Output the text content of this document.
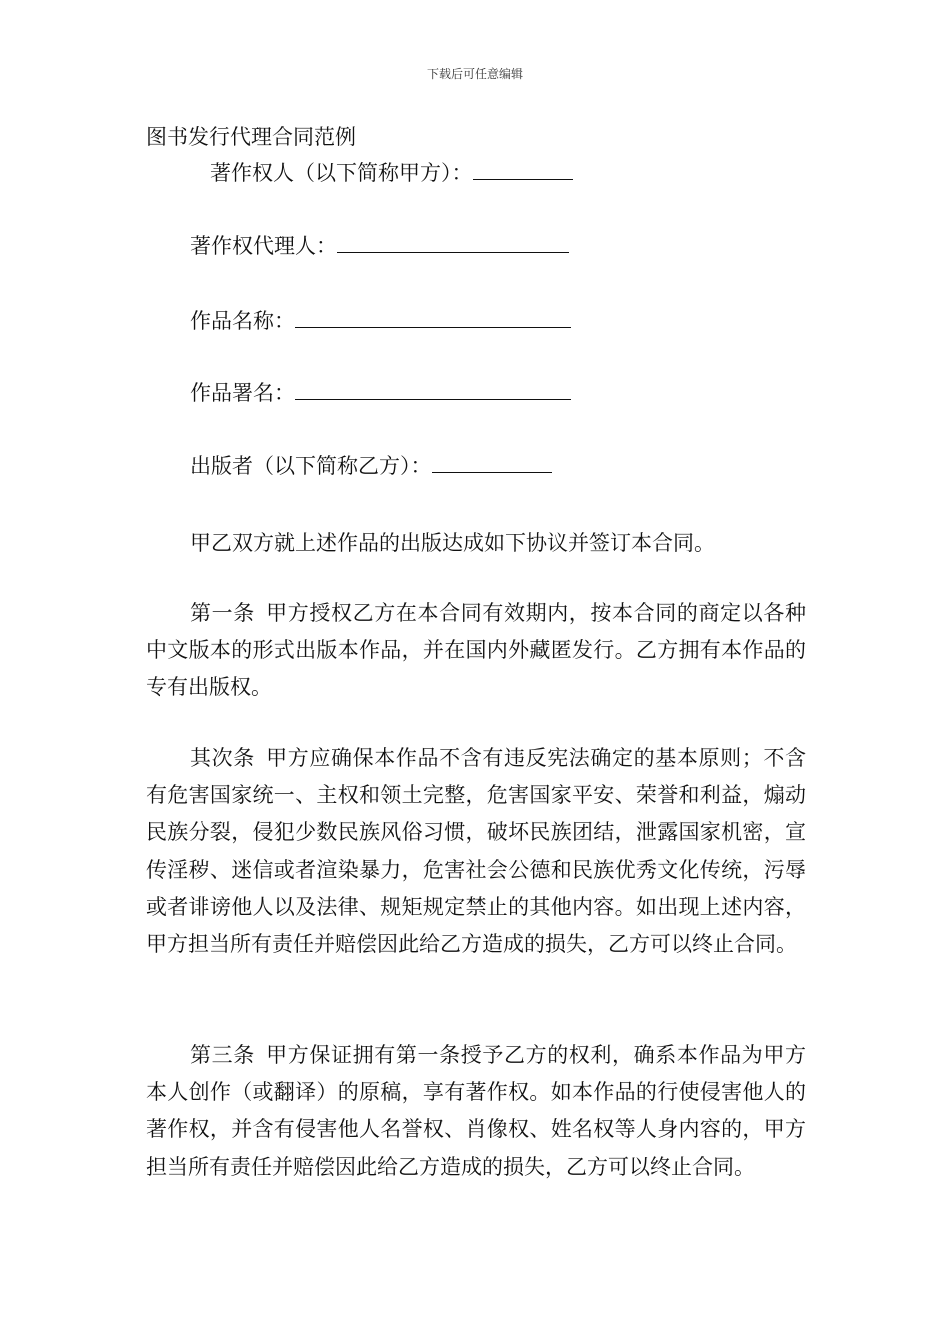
下载后可任意编辑
图书发行代理合同范例
著作权人（以下简称甲方）：
著作权代理人：
作品名称：
作品署名：
出版者（以下简称乙方）：

甲乙双方就上述作品的出版达成如下协议并签订本合同。

第一条 甲方授权乙方在本合同有效期内，按本合同的商定以各种中文版本的形式出版本作品，并在国内外藏匿发行。乙方拥有本作品的专有出版权。

其次条 甲方应确保本作品不含有违反宪法确定的基本原则；不含有危害国家统一、主权和领土完整，危害国家平安、荣誉和利益，煽动民族分裂，侵犯少数民族风俗习惯，破坏民族团结，泄露国家机密，宣传淫秽、迷信或者渲染暴力，危害社会公德和民族优秀文化传统，污辱或者诽谤他人以及法律、规矩规定禁止的其他内容。如出现上述内容，甲方担当所有责任并赔偿因此给乙方造成的损失，乙方可以终止合同。

第三条 甲方保证拥有第一条授予乙方的权利，确系本作品为甲方本人创作（或翻译）的原稿，享有著作权。如本作品的行使侵害他人的著作权，并含有侵害他人名誉权、肖像权、姓名权等人身内容的，甲方担当所有责任并赔偿因此给乙方造成的损失，乙方可以终止合同。
